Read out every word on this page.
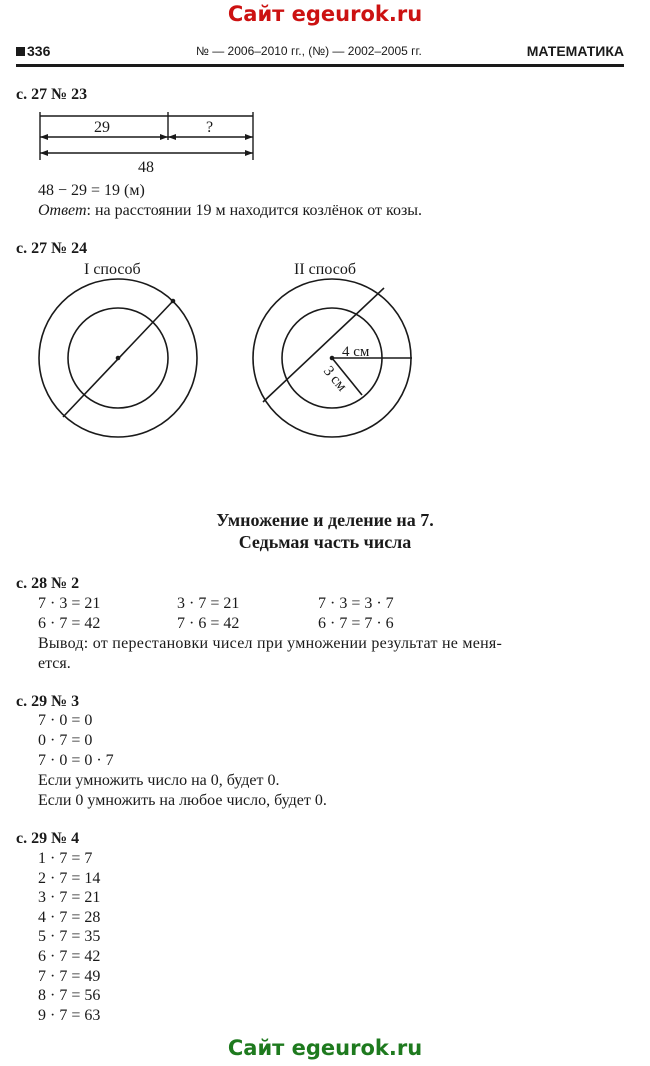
Сайт egeurok.ru
336	№ — 2006–2010 гг., (№) — 2002–2005 гг.	МАТЕМАТИКА
с. 27 № 23
29	?
48
48 − 29 = 19 (м)
Ответ: на расстоянии 19 м находится козлёнок от козы.
с. 27 № 24
I способ	II способ
4 см
3 см
Умножение и деление на 7.
Седьмая часть числа
с. 28 № 2
7 · 3 = 21	3 · 7 = 21	7 · 3 = 3 · 7
6 · 7 = 42	7 · 6 = 42	6 · 7 = 7 · 6
Вывод: от перестановки чисел при умножении результат не меня-
ется.
с. 29 № 3
7 · 0 = 0
0 · 7 = 0
7 · 0 = 0 · 7
Если умножить число на 0, будет 0.
Если 0 умножить на любое число, будет 0.
с. 29 № 4
1 · 7 = 7
2 · 7 = 14
3 · 7 = 21
4 · 7 = 28
5 · 7 = 35
6 · 7 = 42
7 · 7 = 49
8 · 7 = 56
9 · 7 = 63
Сайт egeurok.ru
